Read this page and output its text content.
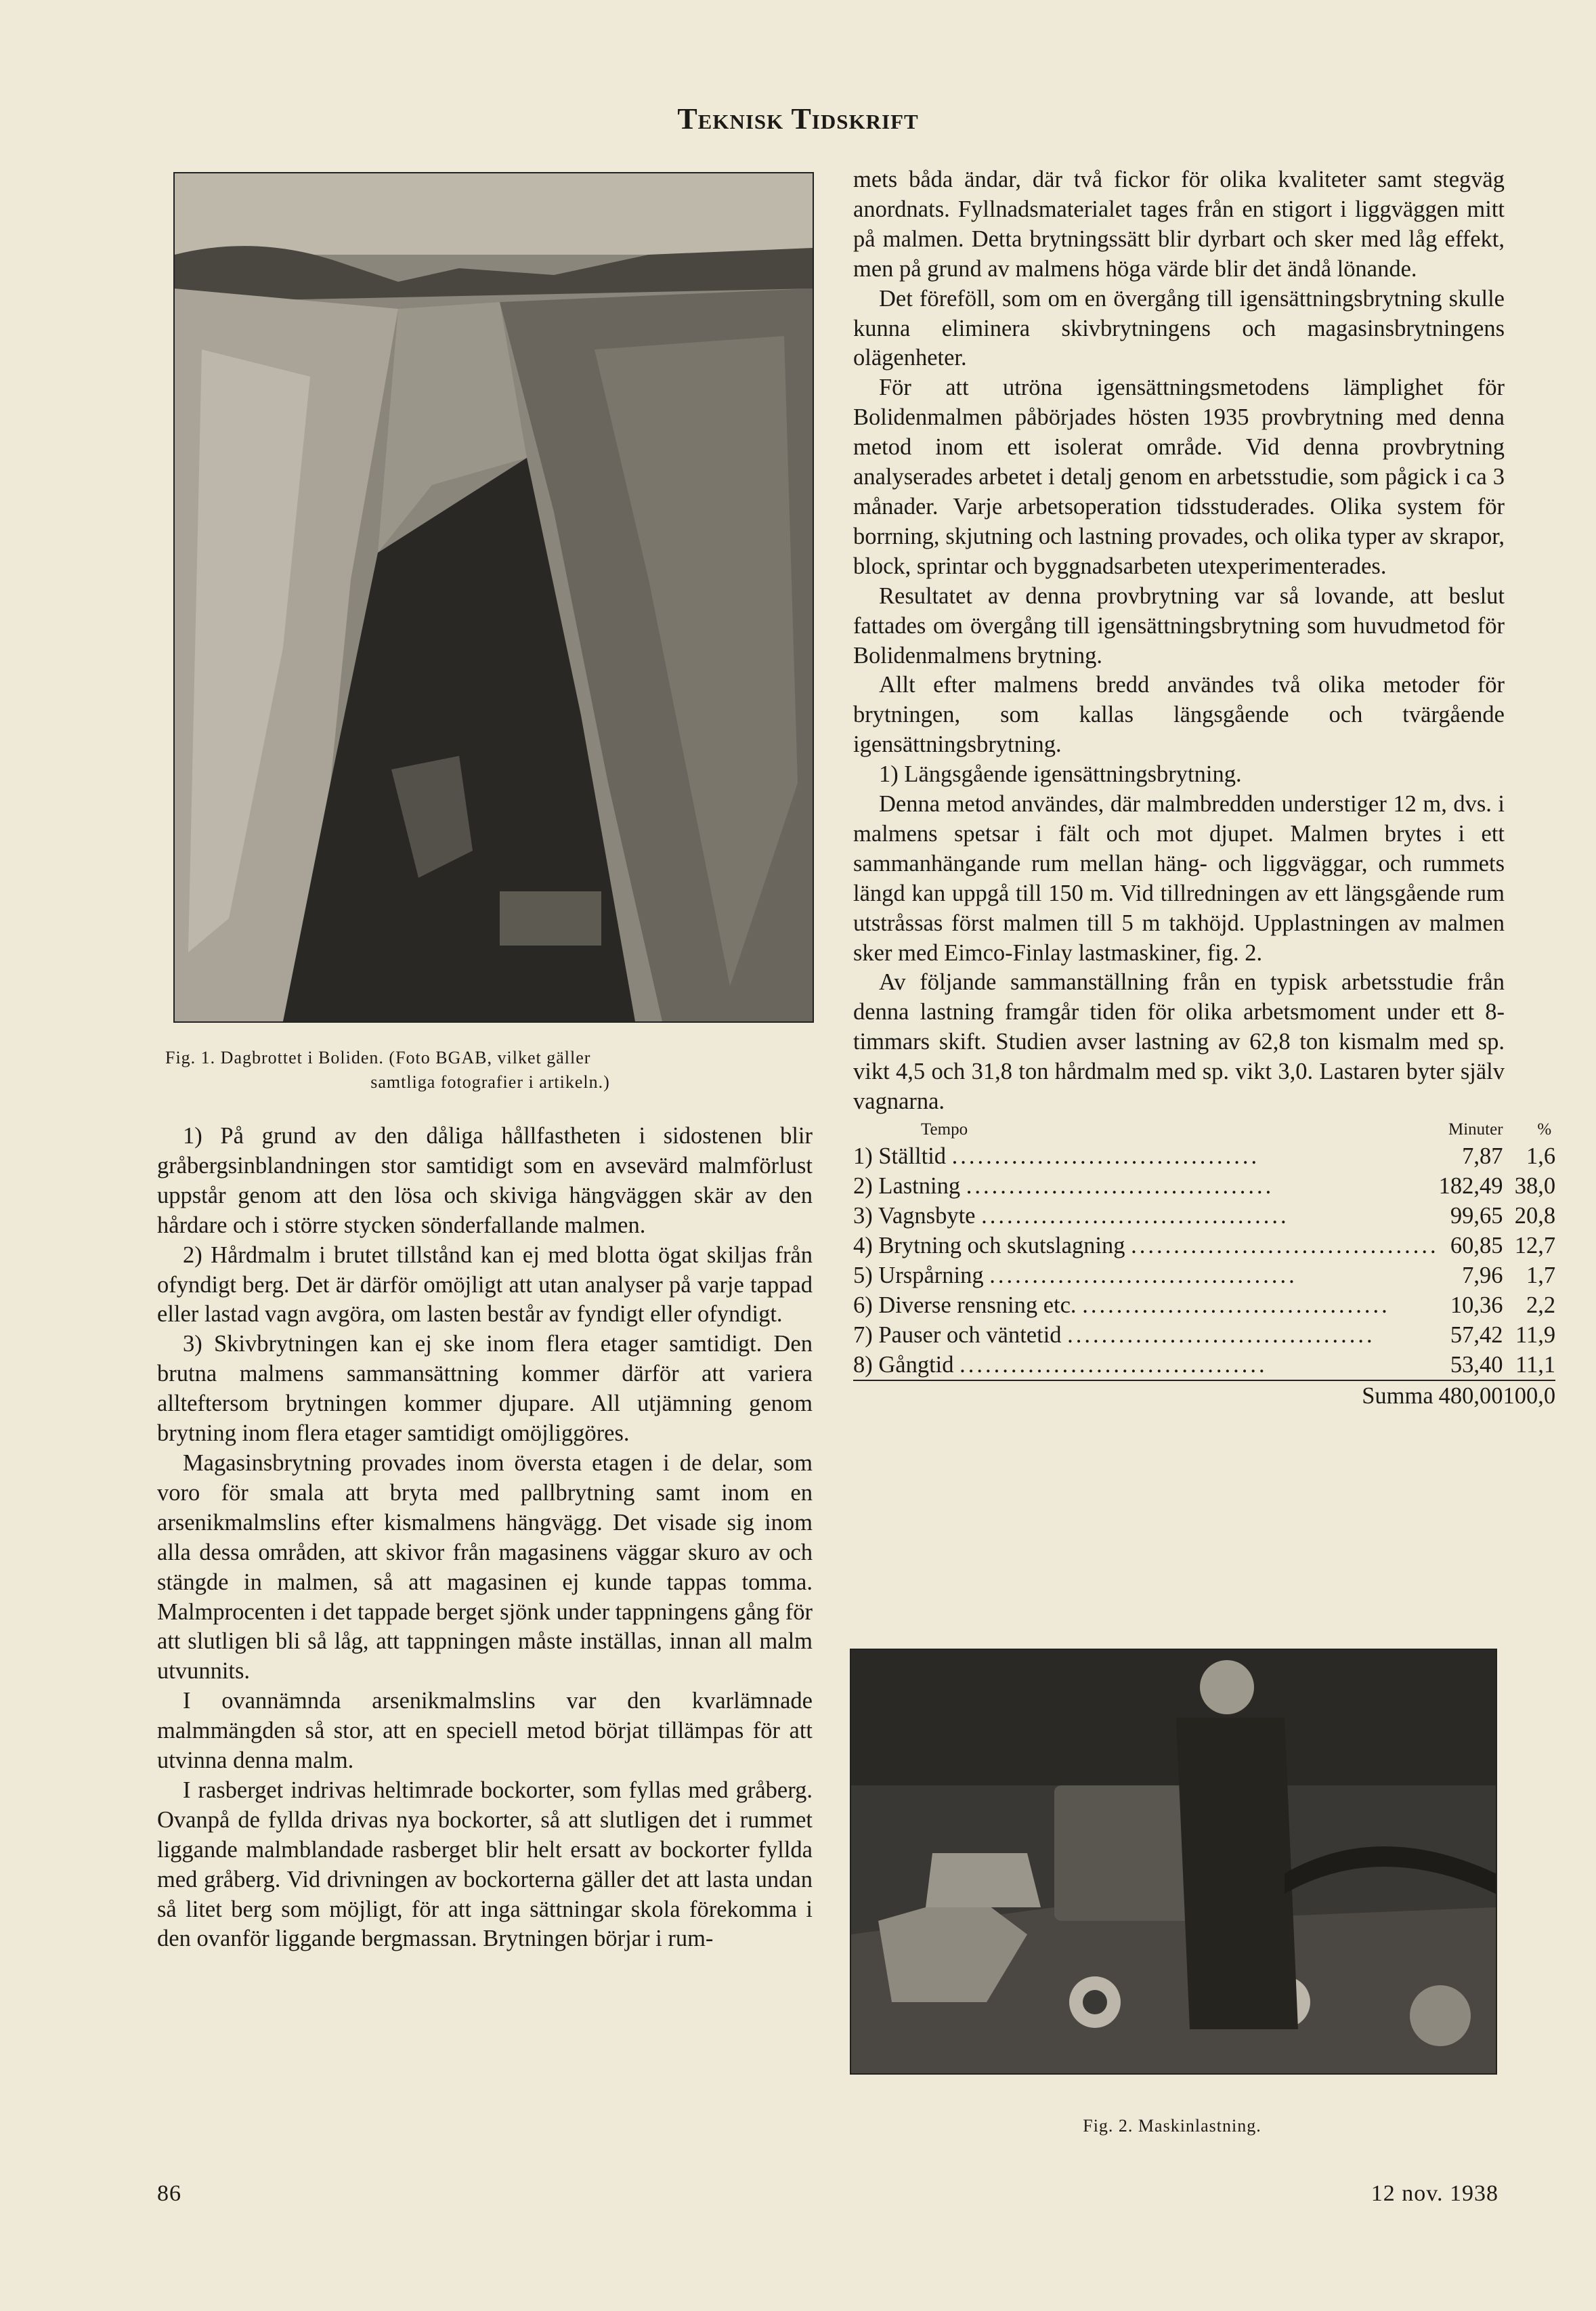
Teknisk Tidskrift
Fig. 1. Dagbrottet i Boliden. (Foto BGAB, vilket gäller
samtliga fotografier i artikeln.)

1) På grund av den dåliga hållfastheten i sidostenen blir gråbergsinblandningen stor samtidigt som en avsevärd malmförlust uppstår genom att den lösa och skiviga hängväggen skär av den hårdare och i större stycken sönderfallande malmen.

2) Hårdmalm i brutet tillstånd kan ej med blotta ögat skiljas från ofyndigt berg. Det är därför omöjligt att utan analyser på varje tappad eller lastad vagn avgöra, om lasten består av fyndigt eller ofyndigt.

3) Skivbrytningen kan ej ske inom flera etager samtidigt. Den brutna malmens sammansättning kommer därför att variera allteftersom brytningen kommer djupare. All utjämning genom brytning inom flera etager samtidigt omöjliggöres.

Magasinsbrytning provades inom översta etagen i de delar, som voro för smala att bryta med pallbrytning samt inom en arsenikmalmslins efter kismalmens hängvägg. Det visade sig inom alla dessa områden, att skivor från magasinens väggar skuro av och stängde in malmen, så att magasinen ej kunde tappas tomma. Malmprocenten i det tappade berget sjönk under tappningens gång för att slutligen bli så låg, att tappningen måste inställas, innan all malm utvunnits.

I ovannämnda arsenikmalmslins var den kvarlämnade malmmängden så stor, att en speciell metod börjat tillämpas för att utvinna denna malm.

I rasberget indrivas heltimrade bockorter, som fyllas med gråberg. Ovanpå de fyllda drivas nya bockorter, så att slutligen det i rummet liggande malmblandade rasberget blir helt ersatt av bockorter fyllda med gråberg. Vid drivningen av bockorterna gäller det att lasta undan så litet berg som möjligt, för att inga sättningar skola förekomma i den ovanför liggande bergmassan. Brytningen börjar i rum-

mets båda ändar, där två fickor för olika kvaliteter samt stegväg anordnats. Fyllnadsmaterialet tages från en stigort i liggväggen mitt på malmen. Detta brytningssätt blir dyrbart och sker med låg effekt, men på grund av malmens höga värde blir det ändå lönande.

Det föreföll, som om en övergång till igensättningsbrytning skulle kunna eliminera skivbrytningens och magasinsbrytningens olägenheter.

För att utröna igensättningsmetodens lämplighet för Bolidenmalmen påbörjades hösten 1935 provbrytning med denna metod inom ett isolerat område. Vid denna provbrytning analyserades arbetet i detalj genom en arbetsstudie, som pågick i ca 3 månader. Varje arbetsoperation tidsstuderades. Olika system för borrning, skjutning och lastning provades, och olika typer av skrapor, block, sprintar och byggnadsarbeten utexperimenterades.

Resultatet av denna provbrytning var så lovande, att beslut fattades om övergång till igensättningsbrytning som huvudmetod för Bolidenmalmens brytning.

Allt efter malmens bredd användes två olika metoder för brytningen, som kallas längsgående och tvärgående igensättningsbrytning.

1) Längsgående igensättningsbrytning.

Denna metod användes, där malmbredden understiger 12 m, dvs. i malmens spetsar i fält och mot djupet. Malmen brytes i ett sammanhängande rum mellan häng- och liggväggar, och rummets längd kan uppgå till 150 m. Vid tillredningen av ett längsgående rum utstråssas först malmen till 5 m takhöjd. Upplastningen av malmen sker med Eimco-Finlay lastmaskiner, fig. 2.

Av följande sammanställning från en typisk arbetsstudie från denna lastning framgår tiden för olika arbetsmoment under ett 8-timmars skift. Studien avser lastning av 62,8 ton kismalm med sp. vikt 4,5 och 31,8 ton hårdmalm med sp. vikt 3,0. Lastaren byter själv vagnarna.

Tempo	Minuter	%
1) Ställtid ....................................	7,87	1,6
2) Lastning ....................................	182,49	38,0
3) Vagnsbyte ....................................	99,65	20,8
4) Brytning och skutslagning ....................................	60,85	12,7
5) Urspårning ....................................	7,96	1,7
6) Diverse rensning etc. ....................................	10,36	2,2
7) Pauser och väntetid ....................................	57,42	11,9
8) Gångtid ....................................	53,40	11,1
Summa	480,00	100,0
Fig. 2. Maskinlastning.
86	12 nov. 1938
